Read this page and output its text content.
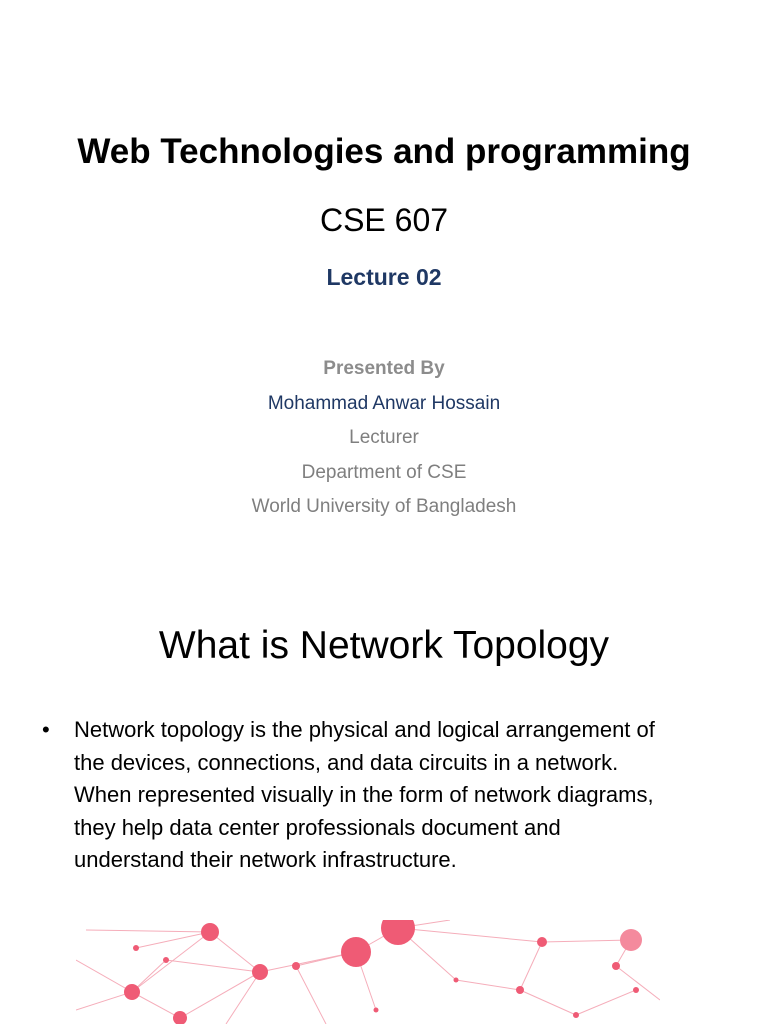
Web Technologies and programming
CSE 607
Lecture 02
Presented By
Mohammad Anwar Hossain
Lecturer
Department of CSE
World University of Bangladesh
What is Network Topology
• Network topology is the physical and logical arrangement of the devices, connections, and data circuits in a network. When represented visually in the form of network diagrams, they help data center professionals document and understand their network infrastructure.
